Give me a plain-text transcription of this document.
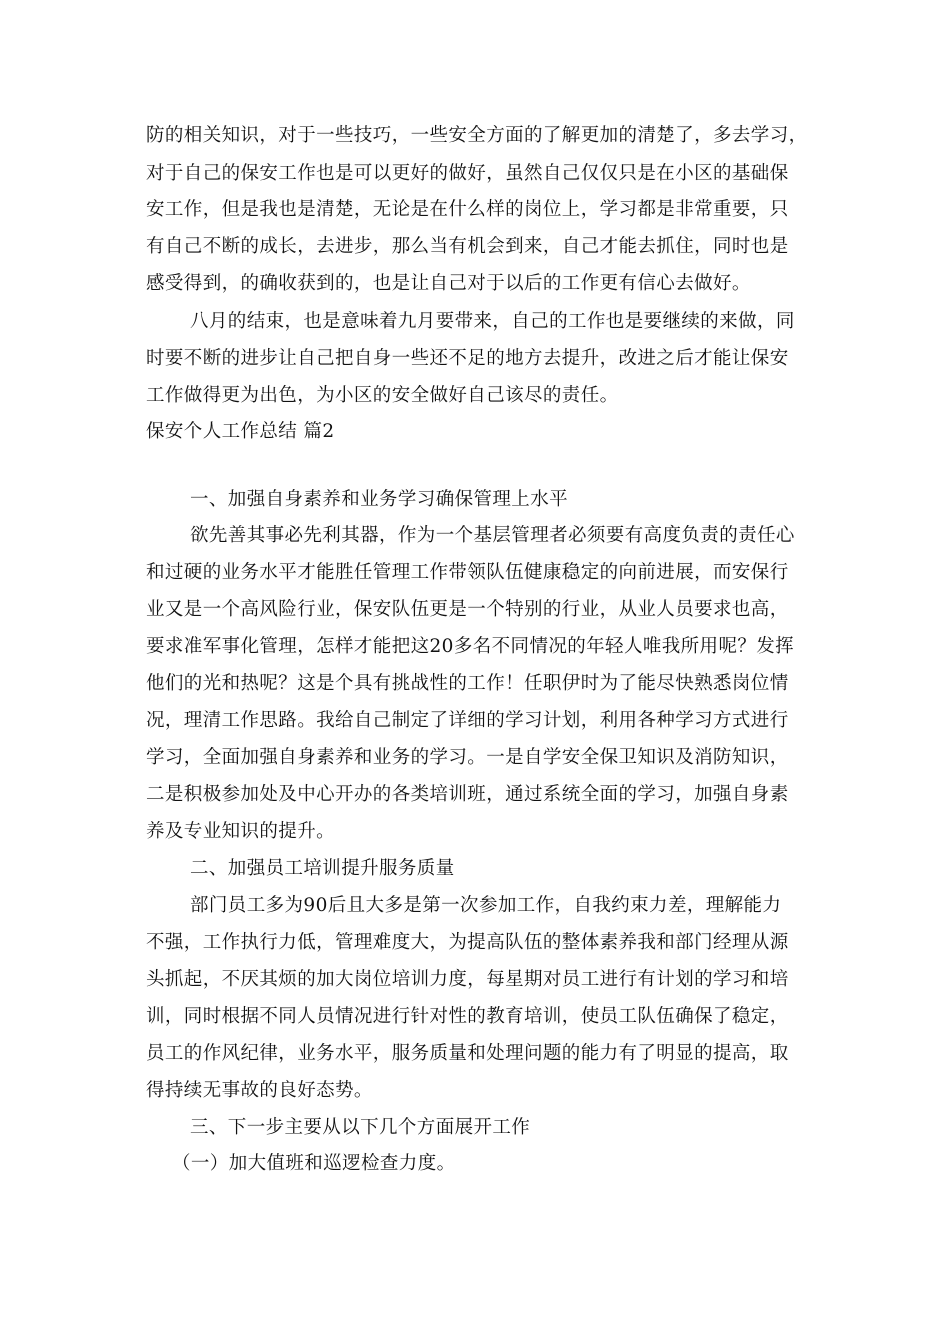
防的相关知识，对于一些技巧，一些安全方面的了解更加的清楚了，多去学习，
对于自己的保安工作也是可以更好的做好，虽然自己仅仅只是在小区的基础保
安工作，但是我也是清楚，无论是在什么样的岗位上，学习都是非常重要，只
有自己不断的成长，去进步，那么当有机会到来，自己才能去抓住，同时也是
感受得到，的确收获到的，也是让自己对于以后的工作更有信心去做好。
八月的结束，也是意味着九月要带来，自己的工作也是要继续的来做，同
时要不断的进步让自己把自身一些还不足的地方去提升，改进之后才能让保安
工作做得更为出色，为小区的安全做好自己该尽的责任。
保安个人工作总结 篇2
一、加强自身素养和业务学习确保管理上水平
欲先善其事必先利其器，作为一个基层管理者必须要有高度负责的责任心
和过硬的业务水平才能胜任管理工作带领队伍健康稳定的向前进展，而安保行
业又是一个高风险行业，保安队伍更是一个特别的行业，从业人员要求也高，
要求准军事化管理，怎样才能把这20多名不同情况的年轻人唯我所用呢？发挥
他们的光和热呢？这是个具有挑战性的工作！任职伊时为了能尽快熟悉岗位情
况，理清工作思路。我给自己制定了详细的学习计划，利用各种学习方式进行
学习，全面加强自身素养和业务的学习。一是自学安全保卫知识及消防知识，
二是积极参加处及中心开办的各类培训班，通过系统全面的学习，加强自身素
养及专业知识的提升。
二、加强员工培训提升服务质量
部门员工多为90后且大多是第一次参加工作，自我约束力差，理解能力
不强，工作执行力低，管理难度大，为提高队伍的整体素养我和部门经理从源
头抓起，不厌其烦的加大岗位培训力度，每星期对员工进行有计划的学习和培
训，同时根据不同人员情况进行针对性的教育培训，使员工队伍确保了稳定，
员工的作风纪律，业务水平，服务质量和处理问题的能力有了明显的提高，取
得持续无事故的良好态势。
三、下一步主要从以下几个方面展开工作
（一）加大值班和巡逻检查力度。
